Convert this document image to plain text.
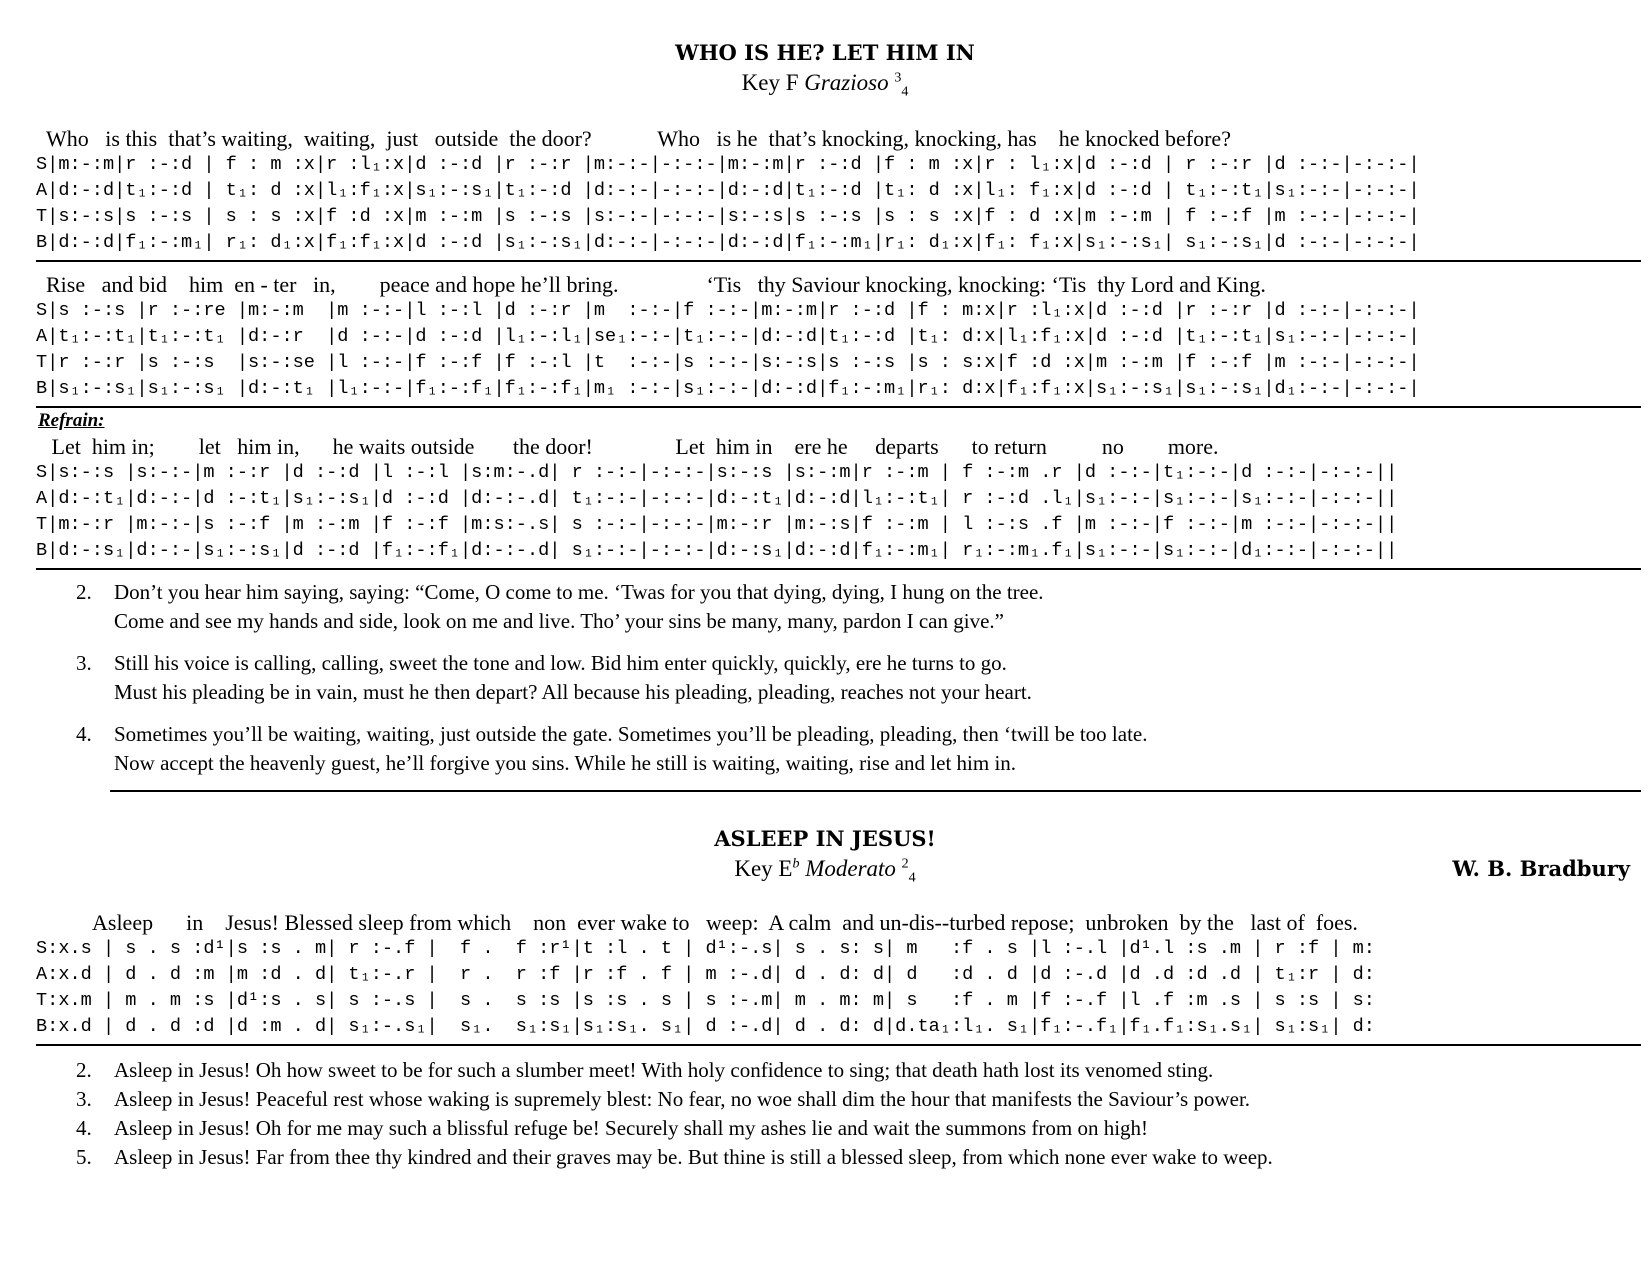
WHO IS HE? LET HIM IN
Key F Grazioso $^3_4$
Who   is this  that’s waiting,  waiting,  just   outside  the door?            Who   is he  that’s knocking, knocking, has    he knocked before?
S|m:-:m|r :-:d | f : m :x|r :l₁:x|d :-:d |r :-:r |m:-:-|-:-:-|m:-:m|r :-:d |f : m :x|r : l₁:x|d :-:d | r :-:r |d :-:-|-:-:-|
A|d:-:d|t₁:-:d | t₁: d :x|l₁:f₁:x|s₁:-:s₁|t₁:-:d |d:-:-|-:-:-|d:-:d|t₁:-:d |t₁: d :x|l₁: f₁:x|d :-:d | t₁:-:t₁|s₁:-:-|-:-:-|
T|s:-:s|s :-:s | s : s :x|f :d :x|m :-:m |s :-:s |s:-:-|-:-:-|s:-:s|s :-:s |s : s :x|f : d :x|m :-:m | f :-:f |m :-:-|-:-:-|
B|d:-:d|f₁:-:m₁| r₁: d₁:x|f₁:f₁:x|d :-:d |s₁:-:s₁|d:-:-|-:-:-|d:-:d|f₁:-:m₁|r₁: d₁:x|f₁: f₁:x|s₁:-:s₁| s₁:-:s₁|d :-:-|-:-:-|
Rise   and bid    him  en - ter   in,        peace and hope he’ll bring.                ‘Tis   thy Saviour knocking, knocking: ‘Tis  thy Lord and King.
S|s :-:s |r :-:re |m:-:m  |m :-:-|l :-:l |d :-:r |m  :-:-|f :-:-|m:-:m|r :-:d |f : m:x|r :l₁:x|d :-:d |r :-:r |d :-:-|-:-:-|
A|t₁:-:t₁|t₁:-:t₁ |d:-:r  |d :-:-|d :-:d |l₁:-:l₁|se₁:-:-|t₁:-:-|d:-:d|t₁:-:d |t₁: d:x|l₁:f₁:x|d :-:d |t₁:-:t₁|s₁:-:-|-:-:-|
T|r :-:r |s :-:s  |s:-:se |l :-:-|f :-:f |f :-:l |t  :-:-|s :-:-|s:-:s|s :-:s |s : s:x|f :d :x|m :-:m |f :-:f |m :-:-|-:-:-|
B|s₁:-:s₁|s₁:-:s₁ |d:-:t₁ |l₁:-:-|f₁:-:f₁|f₁:-:f₁|m₁ :-:-|s₁:-:-|d:-:d|f₁:-:m₁|r₁: d:x|f₁:f₁:x|s₁:-:s₁|s₁:-:s₁|d₁:-:-|-:-:-|
Refrain:
Let  him in;        let   him in,      he waits outside       the door!               Let  him in    ere he     departs      to return          no        more.
S|s:-:s |s:-:-|m :-:r |d :-:d |l :-:l |s:m:-.d| r :-:-|-:-:-|s:-:s |s:-:m|r :-:m | f :-:m .r |d :-:-|t₁:-:-|d :-:-|-:-:-||
A|d:-:t₁|d:-:-|d :-:t₁|s₁:-:s₁|d :-:d |d:-:-.d| t₁:-:-|-:-:-|d:-:t₁|d:-:d|l₁:-:t₁| r :-:d .l₁|s₁:-:-|s₁:-:-|s₁:-:-|-:-:-||
T|m:-:r |m:-:-|s :-:f |m :-:m |f :-:f |m:s:-.s| s :-:-|-:-:-|m:-:r |m:-:s|f :-:m | l :-:s .f |m :-:-|f :-:-|m :-:-|-:-:-||
B|d:-:s₁|d:-:-|s₁:-:s₁|d :-:d |f₁:-:f₁|d:-:-.d| s₁:-:-|-:-:-|d:-:s₁|d:-:d|f₁:-:m₁| r₁:-:m₁.f₁|s₁:-:-|s₁:-:-|d₁:-:-|-:-:-||
2. Don’t you hear him saying, saying: “Come, O come to me. ‘Twas for you that dying, dying, I hung on the tree.
Come and see my hands and side, look on me and live. Tho’ your sins be many, many, pardon I can give.”
3. Still his voice is calling, calling, sweet the tone and low. Bid him enter quickly, quickly, ere he turns to go.
Must his pleading be in vain, must he then depart? All because his pleading, pleading, reaches not your heart.
4. Sometimes you’ll be waiting, waiting, just outside the gate. Sometimes you’ll be pleading, pleading, then ‘twill be too late.
Now accept the heavenly guest, he’ll forgive you sins. While he still is waiting, waiting, rise and let him in.
ASLEEP IN JESUS!
Key $E^b$ Moderato $^2_4$	W. B. Bradbury
Asleep      in    Jesus! Blessed sleep from which    non  ever wake to   weep:  A calm  and un-dis--turbed repose;  unbroken  by the   last of  foes.
S:x.s | s . s :d¹|s :s . m| r :-.f |  f .  f :r¹|t :l . t | d¹:-.s| s . s: s| m   :f . s |l :-.l |d¹.l :s .m | r :f | m:
A:x.d | d . d :m |m :d . d| t₁:-.r |  r .  r :f |r :f . f | m :-.d| d . d: d| d   :d . d |d :-.d |d .d :d .d | t₁:r | d:
T:x.m | m . m :s |d¹:s . s| s :-.s |  s .  s :s |s :s . s | s :-.m| m . m: m| s   :f . m |f :-.f |l .f :m .s | s :s | s:
B:x.d | d . d :d |d :m . d| s₁:-.s₁|  s₁.  s₁:s₁|s₁:s₁. s₁| d :-.d| d . d: d|d.ta₁:l₁. s₁|f₁:-.f₁|f₁.f₁:s₁.s₁| s₁:s₁| d:
2. Asleep in Jesus! Oh how sweet to be for such a slumber meet! With holy confidence to sing; that death hath lost its venomed sting.
3. Asleep in Jesus! Peaceful rest whose waking is supremely blest: No fear, no woe shall dim the hour that manifests the Saviour’s power.
4. Asleep in Jesus! Oh for me may such a blissful refuge be! Securely shall my ashes lie and wait the summons from on high!
5. Asleep in Jesus! Far from thee thy kindred and their graves may be. But thine is still a blessed sleep, from which none ever wake to weep.
